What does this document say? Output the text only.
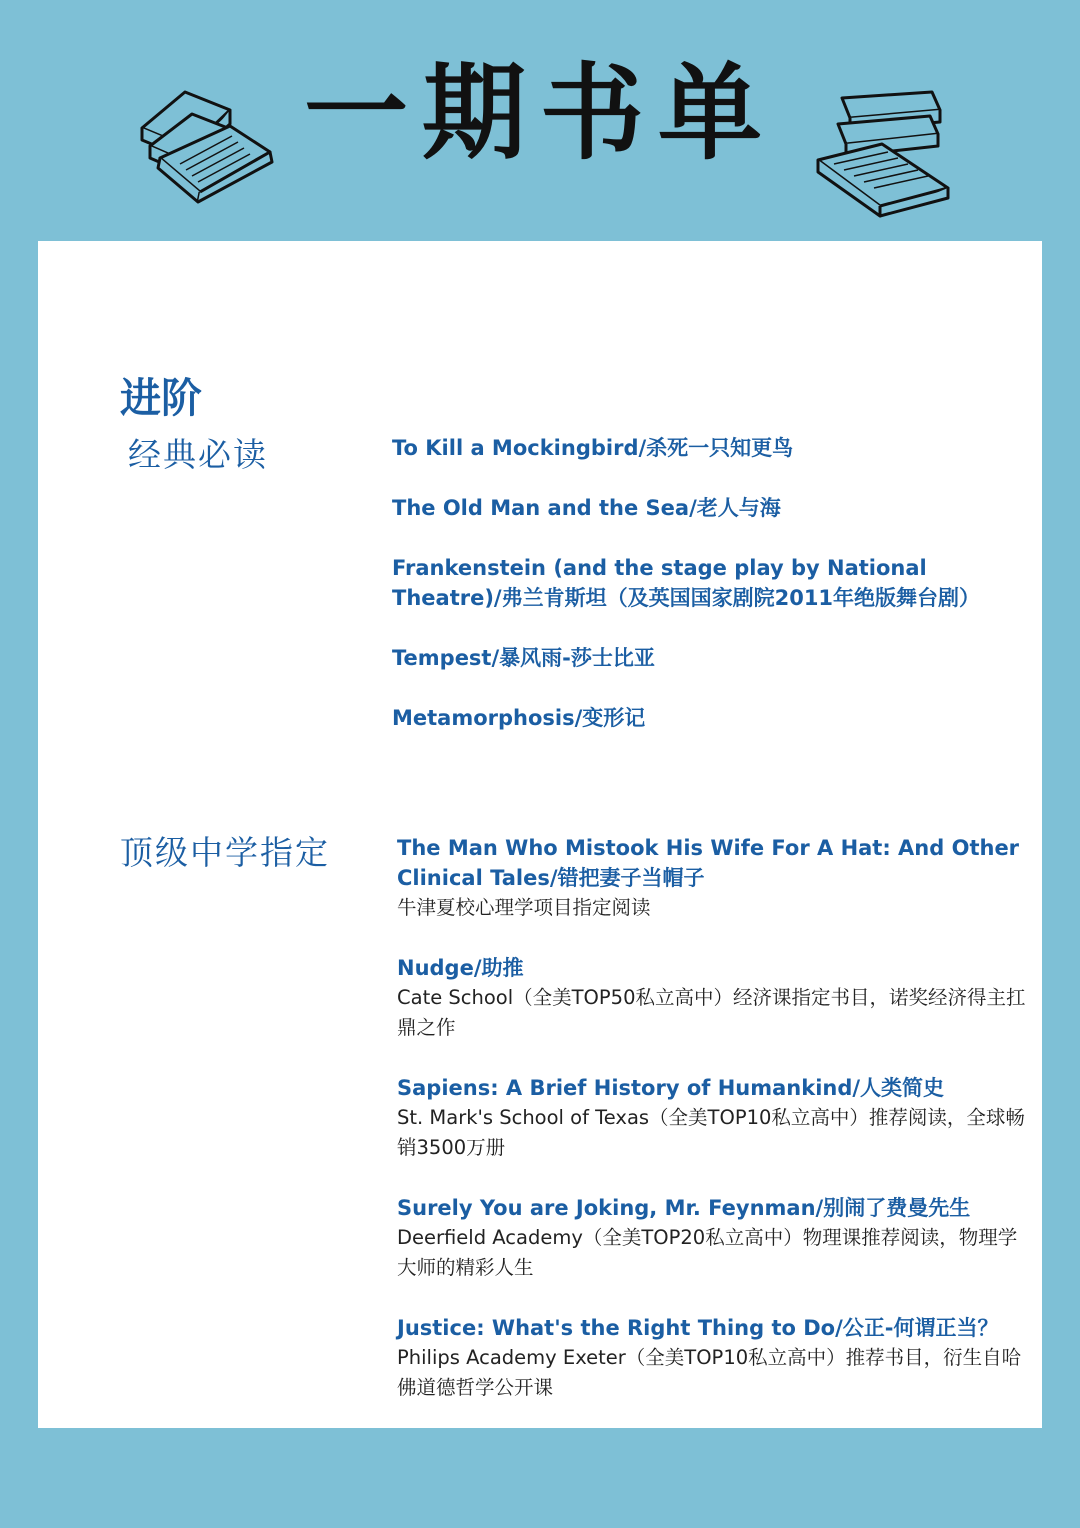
一期书单
进阶
经典必读	To Kill a Mockingbird/杀死一只知更鸟
The Old Man and the Sea/老人与海
Frankenstein (and the stage play by National Theatre)/弗兰肯斯坦（及英国国家剧院2011年绝版舞台剧）
Tempest/暴风雨-莎士比亚
Metamorphosis/变形记
顶级中学指定	The Man Who Mistook His Wife For A Hat: And Other Clinical Tales/错把妻子当帽子
牛津夏校心理学项目指定阅读
Nudge/助推
Cate School（全美TOP50私立高中）经济课指定书目，诺奖经济得主扛鼎之作
Sapiens: A Brief History of Humankind/人类简史
St. Mark's School of Texas（全美TOP10私立高中）推荐阅读，全球畅销3500万册
Surely You are Joking, Mr. Feynman/别闹了费曼先生
Deerfield Academy（全美TOP20私立高中）物理课推荐阅读，物理学大师的精彩人生
Justice: What's the Right Thing to Do/公正-何谓正当？
Philips Academy Exeter（全美TOP10私立高中）推荐书目，衍生自哈佛道德哲学公开课
